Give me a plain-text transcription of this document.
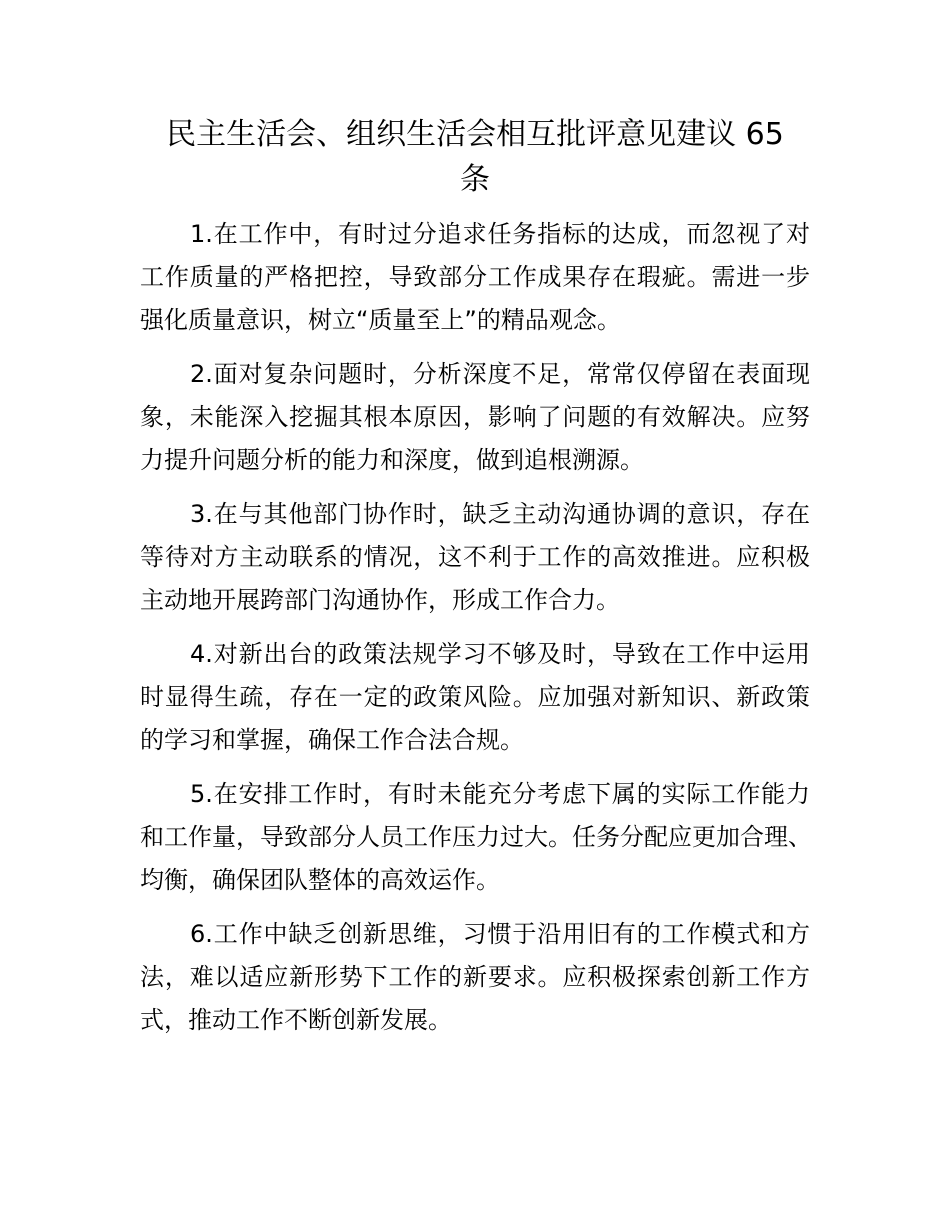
民主生活会、组织生活会相互批评意见建议 65
条
1.在工作中，有时过分追求任务指标的达成，而忽视了对
工作质量的严格把控，导致部分工作成果存在瑕疵。需进一步
强化质量意识，树立“质量至上”的精品观念。
2.面对复杂问题时，分析深度不足，常常仅停留在表面现
象，未能深入挖掘其根本原因，影响了问题的有效解决。应努
力提升问题分析的能力和深度，做到追根溯源。
3.在与其他部门协作时，缺乏主动沟通协调的意识，存在
等待对方主动联系的情况，这不利于工作的高效推进。应积极
主动地开展跨部门沟通协作，形成工作合力。
4.对新出台的政策法规学习不够及时，导致在工作中运用
时显得生疏，存在一定的政策风险。应加强对新知识、新政策
的学习和掌握，确保工作合法合规。
5.在安排工作时，有时未能充分考虑下属的实际工作能力
和工作量，导致部分人员工作压力过大。任务分配应更加合理、
均衡，确保团队整体的高效运作。
6.工作中缺乏创新思维，习惯于沿用旧有的工作模式和方
法，难以适应新形势下工作的新要求。应积极探索创新工作方
式，推动工作不断创新发展。
